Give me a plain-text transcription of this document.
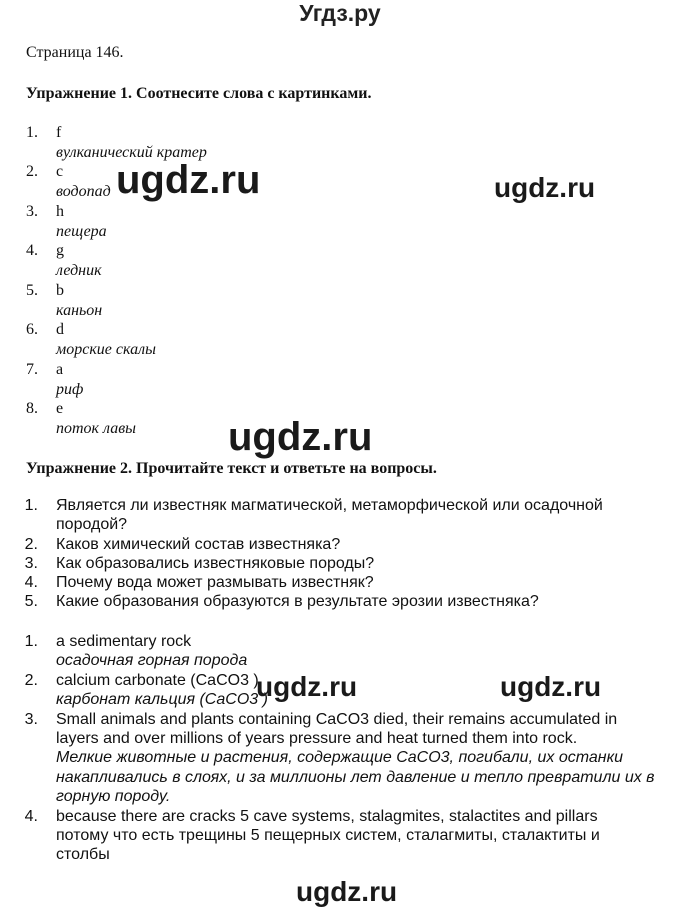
Угдз.ру
Страница 146.
Упражнение 1. Соотнесите слова с картинками.
1. f
вулканический кратер
2. c
водопад
3. h
пещера
4. g
ледник
5. b
каньон
6. d
морские скалы
7. a
риф
8. e
поток лавы
Упражнение 2. Прочитайте текст и ответьте на вопросы.
1. Является ли известняк магматической, метаморфической или осадочной
породой?
2. Каков химический состав известняка?
3. Как образовались известняковые породы?
4. Почему вода может размывать известняк?
5. Какие образования образуются в результате эрозии известняка?
1. a sedimentary rock
осадочная горная порода
2. calcium carbonate (CaCO3 )
карбонат кальция (CaCO3 )
3. Small animals and plants containing CaCO3 died, their remains accumulated in
layers and over millions of years pressure and heat turned them into rock.
Мелкие животные и растения, содержащие CaCO3, погибали, их останки
накапливались в слоях, и за миллионы лет давление и тепло превратили их в
горную породу.
4. because there are cracks 5 cave systems, stalagmites, stalactites and pillars
потому что есть трещины 5 пещерных систем, сталагмиты, сталактиты и
столбы
ugdz.ru	ugdz.ru
ugdz.ru
ugdz.ru	ugdz.ru
ugdz.ru
